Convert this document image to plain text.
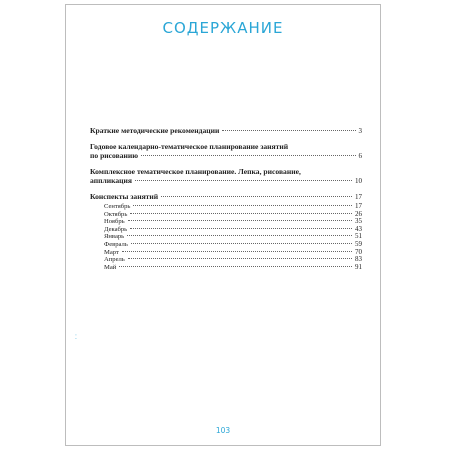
СОДЕРЖАНИЕ
⁚
Краткие методические рекомендации	3
Годовое календарно-тематическое планирование занятий
по рисованию	6
Комплексное тематическое планирование. Лепка, рисование,
аппликация	10
Конспекты занятий	17
Сентябрь	17
Октябрь	26
Ноябрь	35
Декабрь	43
Январь	51
Февраль	59
Март	70
Апрель	83
Май	91
103
